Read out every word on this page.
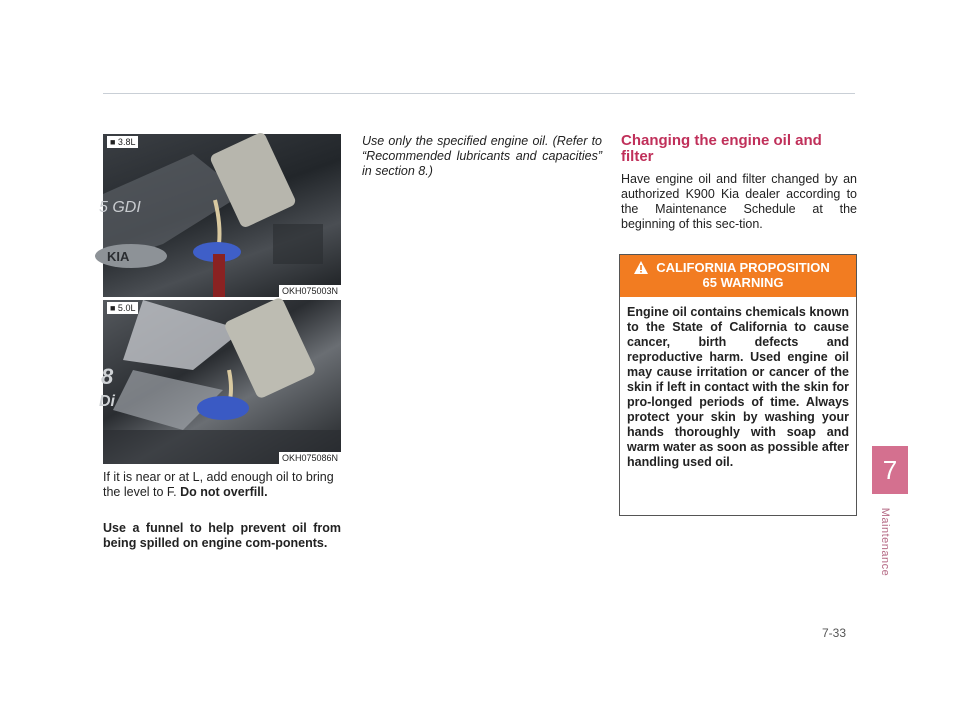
5 GDI
KIA
■ 3.8L
OKH075003N
8
Di
■ 5.0L
OKH075086N
If it is near or at L, add enough oil to bring the level to F. Do not overfill.
Use a funnel to help prevent oil from being spilled on engine com-ponents.
Use only the specified engine oil. (Refer to “Recommended lubricants and capacities” in section 8.)
Changing the engine oil and filter
Have engine oil and filter changed by an authorized K900 Kia dealer according to the Maintenance Schedule at the beginning of this sec-tion.
CALIFORNIA PROPOSITION 65 WARNING
Engine oil contains chemicals known to the State of California to cause cancer, birth defects and reproductive harm. Used engine oil may cause irritation or cancer of the skin if left in contact with the skin for pro-longed periods of time. Always protect your skin by washing your hands thoroughly with soap and warm water as soon as possible after handling used oil.	7
Maintenance
7-33
